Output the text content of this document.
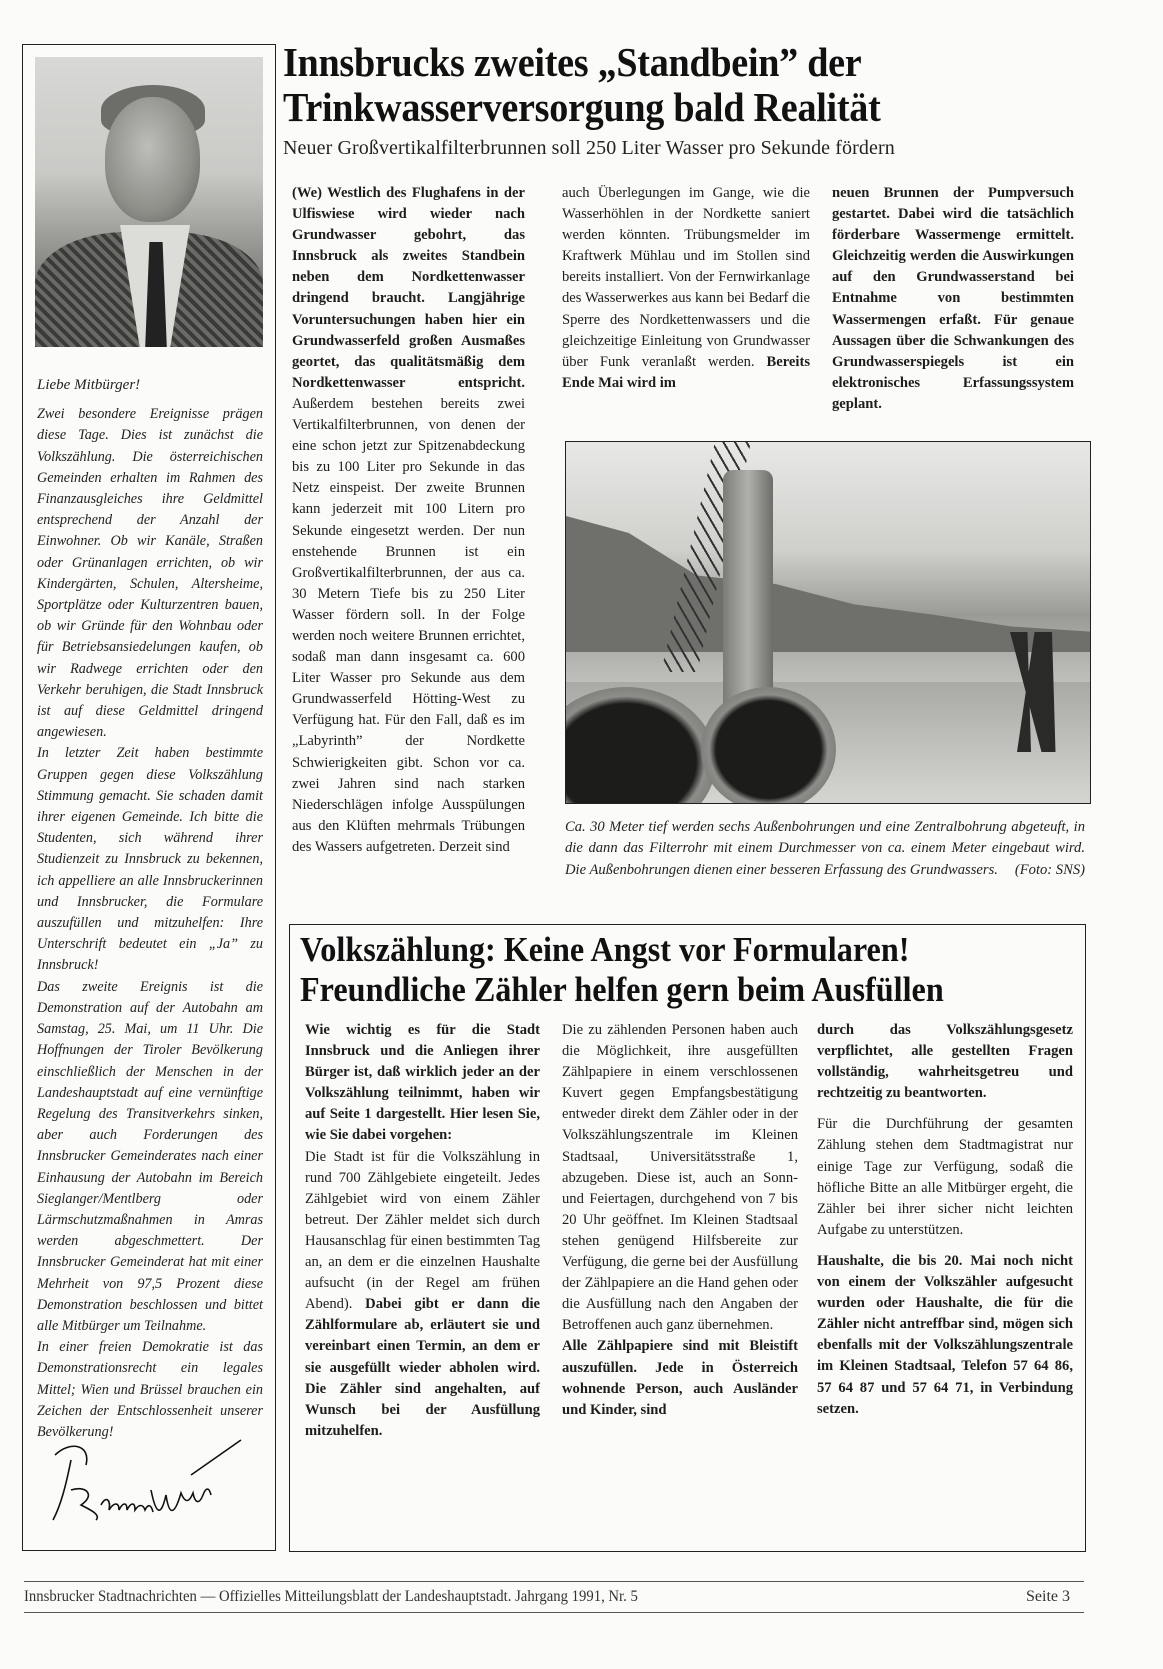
Liebe Mitbürger!

Zwei besondere Ereignisse prägen diese Tage. Dies ist zunächst die Volkszählung. Die österreichischen Gemeinden erhalten im Rahmen des Finanzausgleiches ihre Geldmittel entsprechend der Anzahl der Einwohner. Ob wir Kanäle, Straßen oder Grünanlagen errichten, ob wir Kindergärten, Schulen, Altersheime, Sportplätze oder Kulturzentren bauen, ob wir Gründe für den Wohnbau oder für Betriebsansiedelungen kaufen, ob wir Radwege errichten oder den Verkehr beruhigen, die Stadt Innsbruck ist auf diese Geldmittel dringend angewiesen.

In letzter Zeit haben bestimmte Gruppen gegen diese Volkszählung Stimmung gemacht. Sie schaden damit ihrer eigenen Gemeinde. Ich bitte die Studenten, sich während ihrer Studienzeit zu Innsbruck zu bekennen, ich appelliere an alle Innsbruckerinnen und Innsbrucker, die Formulare auszufüllen und mitzuhelfen: Ihre Unterschrift bedeutet ein „Ja” zu Innsbruck!

Das zweite Ereignis ist die Demonstration auf der Autobahn am Samstag, 25. Mai, um 11 Uhr. Die Hoffnungen der Tiroler Bevölkerung einschließlich der Menschen in der Landeshauptstadt auf eine vernünftige Regelung des Transitverkehrs sinken, aber auch Forderungen des Innsbrucker Gemeinderates nach einer Einhausung der Autobahn im Bereich Sieglanger/Mentlberg oder Lärmschutzmaßnahmen in Amras werden abgeschmettert. Der Innsbrucker Gemeinderat hat mit einer Mehrheit von 97,5 Prozent diese Demonstration beschlossen und bittet alle Mitbürger um Teilnahme.

In einer freien Demokratie ist das Demonstrationsrecht ein legales Mittel; Wien und Brüssel brauchen ein Zeichen der Entschlossenheit unserer Bevölkerung!

Innsbrucks zweites „Standbein” der
Trinkwasserversorgung bald Realität
Neuer Großvertikalfilterbrunnen soll 250 Liter Wasser pro Sekunde fördern

(We) Westlich des Flughafens in der Ulfiswiese wird wieder nach Grundwasser gebohrt, das Innsbruck als zweites Standbein neben dem Nordkettenwasser dringend braucht. Langjährige Voruntersuchungen haben hier ein Grundwasserfeld großen Ausmaßes geortet, das qualitätsmäßig dem Nordkettenwasser entspricht. Außerdem bestehen bereits zwei Vertikalfilterbrunnen, von denen der eine schon jetzt zur Spitzenabdeckung bis zu 100 Liter pro Sekunde in das Netz einspeist. Der zweite Brunnen kann jederzeit mit 100 Litern pro Sekunde eingesetzt werden. Der nun enstehende Brunnen ist ein Großvertikalfilterbrunnen, der aus ca. 30 Metern Tiefe bis zu 250 Liter Wasser fördern soll. In der Folge werden noch weitere Brunnen errichtet, sodaß man dann insgesamt ca. 600 Liter Wasser pro Sekunde aus dem Grundwasserfeld Hötting-West zu Verfügung hat. Für den Fall, daß es im „Labyrinth” der Nordkette Schwierigkeiten gibt. Schon vor ca. zwei Jahren sind nach starken Niederschlägen infolge Ausspülungen aus den Klüften mehrmals Trübungen des Wassers aufgetreten. Derzeit sind

auch Überlegungen im Gange, wie die Wasserhöhlen in der Nordkette saniert werden könnten. Trübungsmelder im Kraftwerk Mühlau und im Stollen sind bereits installiert. Von der Fernwirkanlage des Wasserwerkes aus kann bei Bedarf die Sperre des Nordkettenwassers und die gleichzeitige Einleitung von Grundwasser über Funk veranlaßt werden. Bereits Ende Mai wird im

neuen Brunnen der Pumpversuch gestartet. Dabei wird die tatsächlich förderbare Wassermenge ermittelt. Gleichzeitig werden die Auswirkungen auf den Grundwasserstand bei Entnahme von bestimmten Wassermengen erfaßt. Für genaue Aussagen über die Schwankungen des Grundwasserspiegels ist ein elektronisches Erfassungssystem geplant.

Ca. 30 Meter tief werden sechs Außenbohrungen und eine Zentralbohrung abgeteuft, in die dann das Filterrohr mit einem Durchmesser von ca. einem Meter eingebaut wird. Die Außenbohrungen dienen einer besseren Erfassung des Grundwassers. (Foto: SNS)
Volkszählung: Keine Angst vor Formularen!
Freundliche Zähler helfen gern beim Ausfüllen

Wie wichtig es für die Stadt Innsbruck und die Anliegen ihrer Bürger ist, daß wirklich jeder an der Volkszählung teilnimmt, haben wir auf Seite 1 dargestellt. Hier lesen Sie, wie Sie dabei vorgehen:

Die Stadt ist für die Volkszählung in rund 700 Zählgebiete eingeteilt. Jedes Zählgebiet wird von einem Zähler betreut. Der Zähler meldet sich durch Hausanschlag für einen bestimmten Tag an, an dem er die einzelnen Haushalte aufsucht (in der Regel am frühen Abend). Dabei gibt er dann die Zählformulare ab, erläutert sie und vereinbart einen Termin, an dem er sie ausgefüllt wieder abholen wird. Die Zähler sind angehalten, auf Wunsch bei der Ausfüllung mitzuhelfen.

Die zu zählenden Personen haben auch die Möglichkeit, ihre ausgefüllten Zählpapiere in einem verschlossenen Kuvert gegen Empfangsbestätigung entweder direkt dem Zähler oder in der Volkszählungszentrale im Kleinen Stadtsaal, Universitätsstraße 1, abzugeben. Diese ist, auch an Sonn- und Feiertagen, durchgehend von 7 bis 20 Uhr geöffnet. Im Kleinen Stadtsaal stehen genügend Hilfsbereite zur Verfügung, die gerne bei der Ausfüllung der Zählpapiere an die Hand gehen oder die Ausfüllung nach den Angaben der Betroffenen auch ganz übernehmen.

Alle Zählpapiere sind mit Bleistift auszufüllen. Jede in Österreich wohnende Person, auch Ausländer und Kinder, sind

durch das Volkszählungsgesetz verpflichtet, alle gestellten Fragen vollständig, wahrheitsgetreu und rechtzeitig zu beantworten.

Für die Durchführung der gesamten Zählung stehen dem Stadtmagistrat nur einige Tage zur Verfügung, sodaß die höfliche Bitte an alle Mitbürger ergeht, die Zähler bei ihrer sicher nicht leichten Aufgabe zu unterstützen.

Haushalte, die bis 20. Mai noch nicht von einem der Volkszähler aufgesucht wurden oder Haushalte, die für die Zähler nicht antreffbar sind, mögen sich ebenfalls mit der Volkszählungszentrale im Kleinen Stadtsaal, Telefon 57 64 86, 57 64 87 und 57 64 71, in Verbindung setzen.

Innsbrucker Stadtnachrichten — Offizielles Mitteilungsblatt der Landeshauptstadt. Jahrgang 1991, Nr. 5	Seite 3
